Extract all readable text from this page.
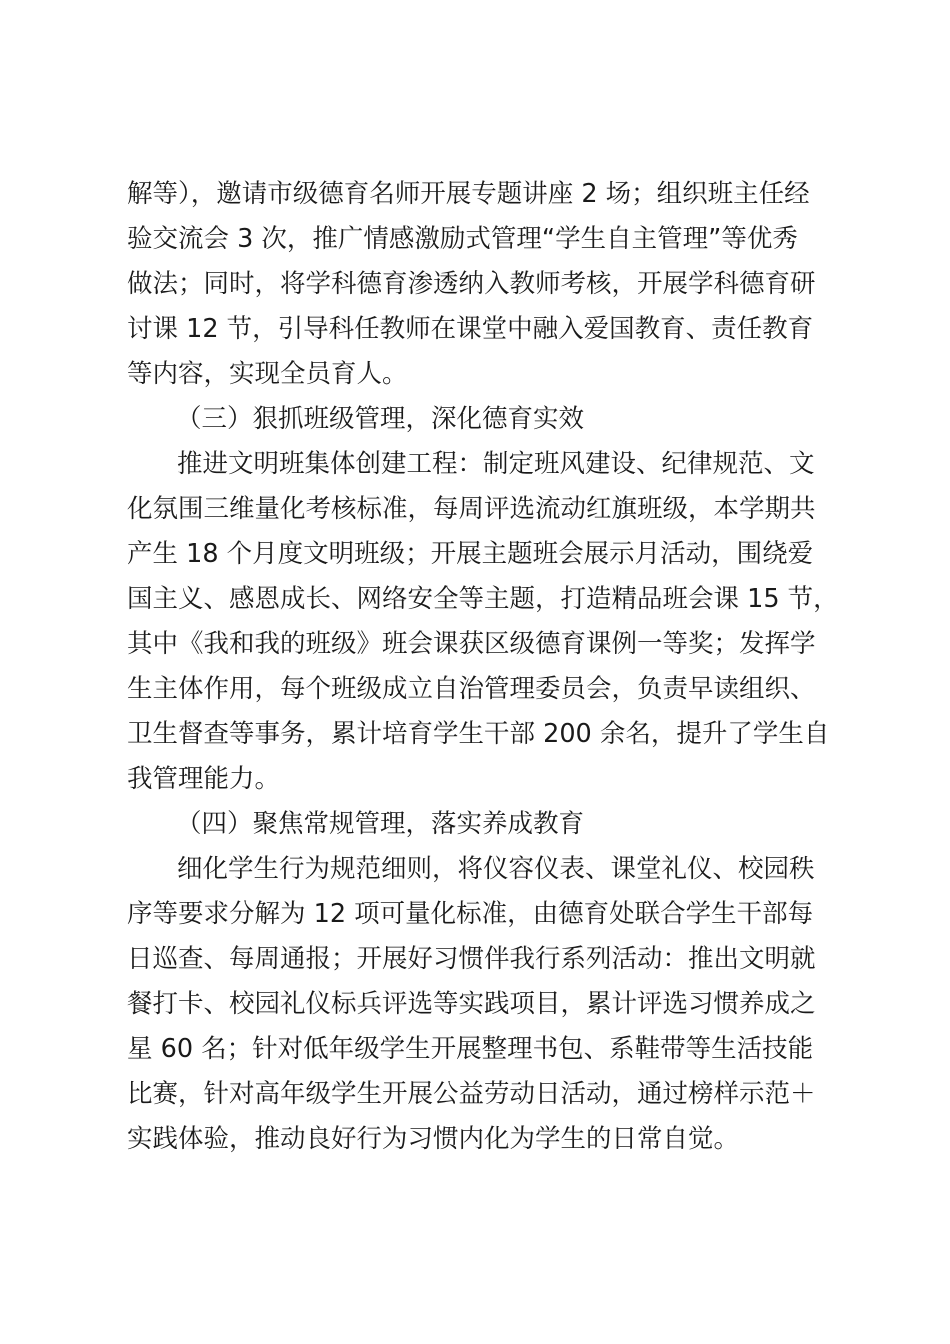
解等），邀请市级德育名师开展专题讲座 2 场；组织班主任经
验交流会 3 次，推广情感激励式管理“学生自主管理”等优秀
做法；同时，将学科德育渗透纳入教师考核，开展学科德育研
讨课 12 节，引导科任教师在课堂中融入爱国教育、责任教育
等内容，实现全员育人。
（三）狠抓班级管理，深化德育实效
推进文明班集体创建工程：制定班风建设、纪律规范、文
化氛围三维量化考核标准，每周评选流动红旗班级，本学期共
产生 18 个月度文明班级；开展主题班会展示月活动，围绕爱
国主义、感恩成长、网络安全等主题，打造精品班会课 15 节，
其中《我和我的班级》班会课获区级德育课例一等奖；发挥学
生主体作用，每个班级成立自治管理委员会，负责早读组织、
卫生督查等事务，累计培育学生干部 200 余名，提升了学生自
我管理能力。
（四）聚焦常规管理，落实养成教育
细化学生行为规范细则，将仪容仪表、课堂礼仪、校园秩
序等要求分解为 12 项可量化标准，由德育处联合学生干部每
日巡查、每周通报；开展好习惯伴我行系列活动：推出文明就
餐打卡、校园礼仪标兵评选等实践项目，累计评选习惯养成之
星 60 名；针对低年级学生开展整理书包、系鞋带等生活技能
比赛，针对高年级学生开展公益劳动日活动，通过榜样示范＋
实践体验，推动良好行为习惯内化为学生的日常自觉。
